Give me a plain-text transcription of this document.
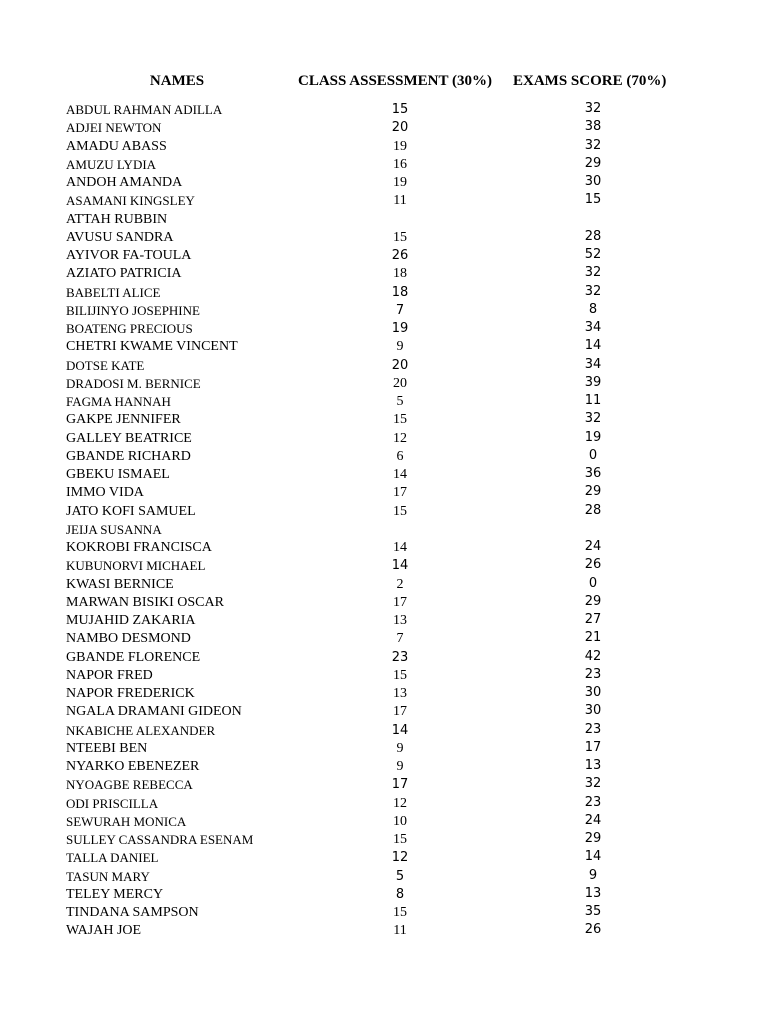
NAMES	CLASS ASSESSMENT (30%)	EXAMS SCORE (70%)
ABDUL RAHMAN ADILLA	15	32
ADJEI NEWTON	20	38
AMADU ABASS	19	32
AMUZU LYDIA	16	29
ANDOH AMANDA	19	30
ASAMANI KINGSLEY	11	15
ATTAH RUBBIN
AVUSU SANDRA	15	28
AYIVOR FA-TOULA	26	52
AZIATO PATRICIA	18	32
BABELTI ALICE	18	32
BILIJINYO JOSEPHINE	7	8
BOATENG PRECIOUS	19	34
CHETRI KWAME VINCENT	9	14
DOTSE KATE	20	34
DRADOSI M. BERNICE	20	39
FAGMA HANNAH	5	11
GAKPE JENNIFER	15	32
GALLEY BEATRICE	12	19
GBANDE RICHARD	6	0
GBEKU ISMAEL	14	36
IMMO VIDA	17	29
JATO KOFI SAMUEL	15	28
JEIJA SUSANNA
KOKROBI FRANCISCA	14	24
KUBUNORVI MICHAEL	14	26
KWASI BERNICE	2	0
MARWAN BISIKI OSCAR	17	29
MUJAHID ZAKARIA	13	27
NAMBO DESMOND	7	21
GBANDE FLORENCE	23	42
NAPOR FRED	15	23
NAPOR FREDERICK	13	30
NGALA DRAMANI GIDEON	17	30
NKABICHE ALEXANDER	14	23
NTEEBI BEN	9	17
NYARKO EBENEZER	9	13
NYOAGBE REBECCA	17	32
ODI PRISCILLA	12	23
SEWURAH MONICA	10	24
SULLEY CASSANDRA ESENAM	15	29
TALLA DANIEL	12	14
TASUN MARY	5	9
TELEY MERCY	8	13
TINDANA SAMPSON	15	35
WAJAH JOE	11	26
